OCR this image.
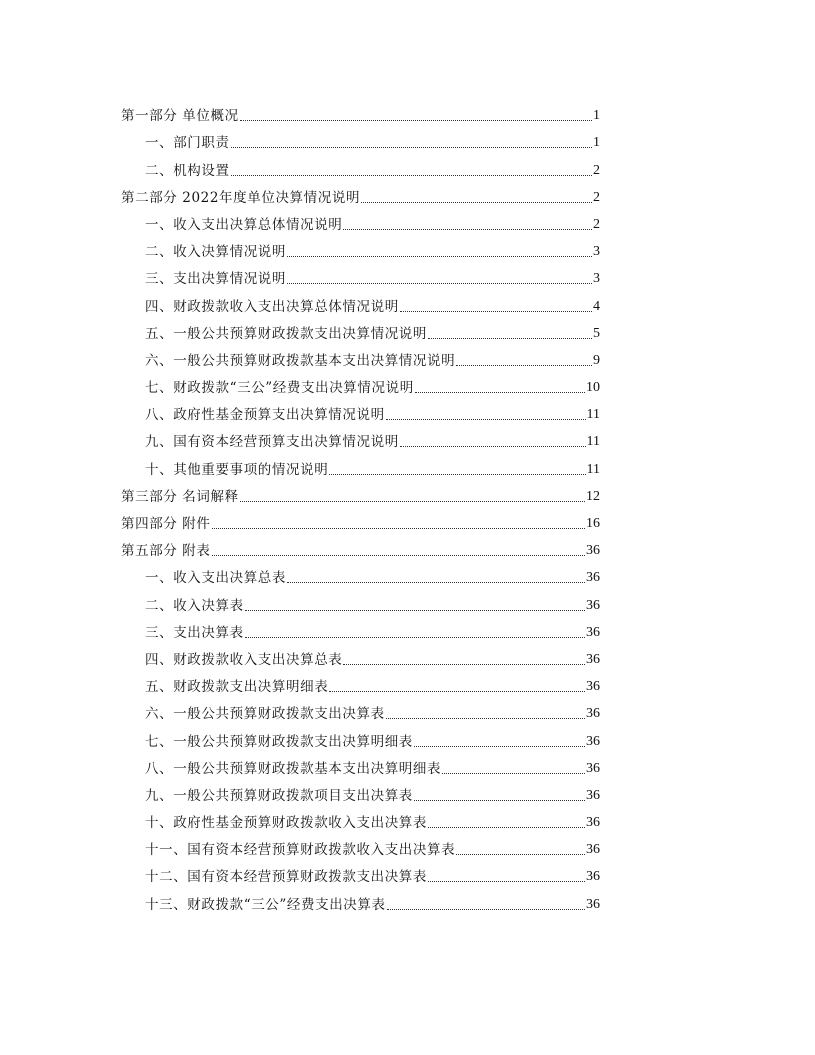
第一部分 单位概况	1
一、部门职责	1
二、机构设置	2
第二部分 2022年度单位决算情况说明	2
一、收入支出决算总体情况说明	2
二、收入决算情况说明	3
三、支出决算情况说明	3
四、财政拨款收入支出决算总体情况说明	4
五、一般公共预算财政拨款支出决算情况说明	5
六、一般公共预算财政拨款基本支出决算情况说明	9
七、财政拨款“三公”经费支出决算情况说明	10
八、政府性基金预算支出决算情况说明	11
九、国有资本经营预算支出决算情况说明	11
十、其他重要事项的情况说明	11
第三部分 名词解释	12
第四部分 附件	16
第五部分 附表	36
一、收入支出决算总表	36
二、收入决算表	36
三、支出决算表	36
四、财政拨款收入支出决算总表	36
五、财政拨款支出决算明细表	36
六、一般公共预算财政拨款支出决算表	36
七、一般公共预算财政拨款支出决算明细表	36
八、一般公共预算财政拨款基本支出决算明细表	36
九、一般公共预算财政拨款项目支出决算表	36
十、政府性基金预算财政拨款收入支出决算表	36
十一、国有资本经营预算财政拨款收入支出决算表	36
十二、国有资本经营预算财政拨款支出决算表	36
十三、财政拨款“三公”经费支出决算表	36
